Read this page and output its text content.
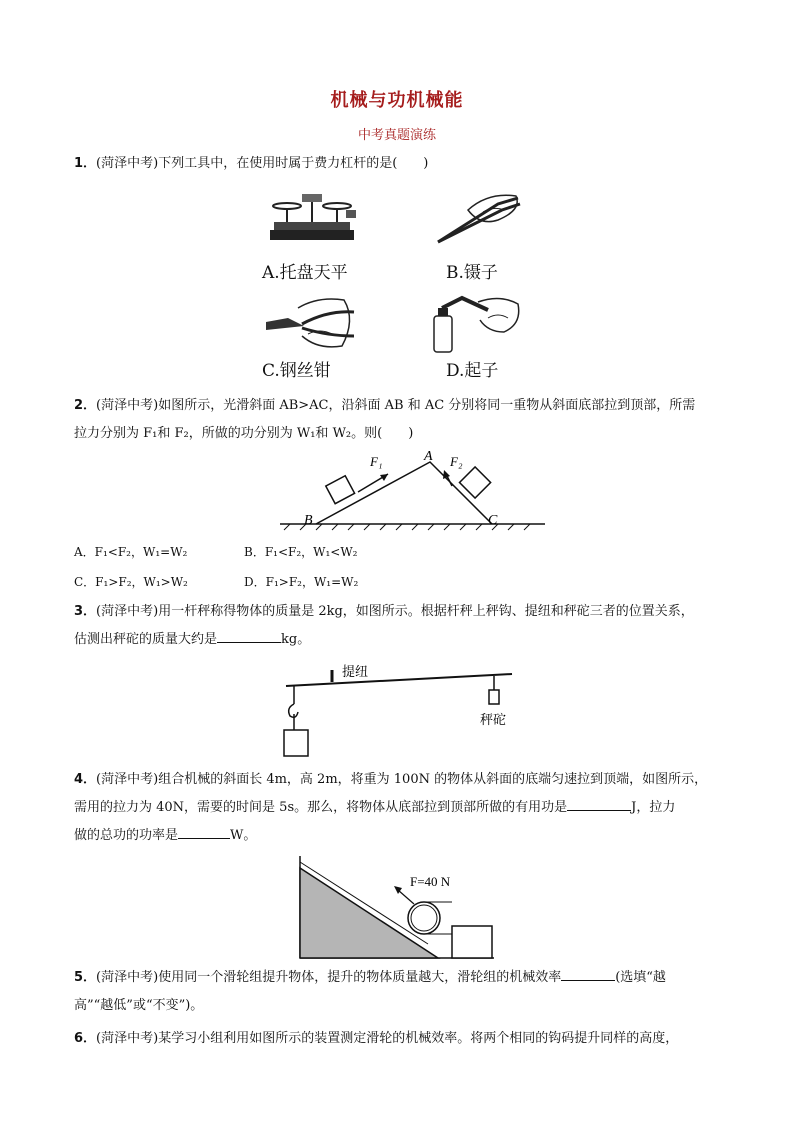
机械与功机械能
中考真题演练
1．(菏泽中考)下列工具中，在使用时属于费力杠杆的是(　　)
A.托盘天平	B.镊子
C.钢丝钳	D.起子
2．(菏泽中考)如图所示，光滑斜面 AB>AC，沿斜面 AB 和 AC 分别将同一重物从斜面底部拉到顶部，所需
拉力分别为 F₁和 F₂，所做的功分别为 W₁和 W₂。则(　　)
A
B	C
F₁	F₂
A．F₁<F₂，W₁=W₂	B．F₁<F₂，W₁<W₂
C．F₁>F₂，W₁>W₂	D．F₁>F₂，W₁=W₂
3．(菏泽中考)用一杆秤称得物体的质量是 2kg，如图所示。根据杆秤上秤钩、提纽和秤砣三者的位置关系，
估测出秤砣的质量大约是	kg。
提纽
秤砣
4．(菏泽中考)组合机械的斜面长 4m，高 2m，将重为 100N 的物体从斜面的底端匀速拉到顶端，如图所示，
需用的拉力为 40N，需要的时间是 5s。那么，将物体从底部拉到顶部所做的有用功是	J，拉力
做的总功的功率是	W。
F=40 N
5．(菏泽中考)使用同一个滑轮组提升物体，提升的物体质量越大，滑轮组的机械效率	(选填“越
高”“越低”或“不变”)。
6．(菏泽中考)某学习小组利用如图所示的装置测定滑轮的机械效率。将两个相同的钩码提升同样的高度，
